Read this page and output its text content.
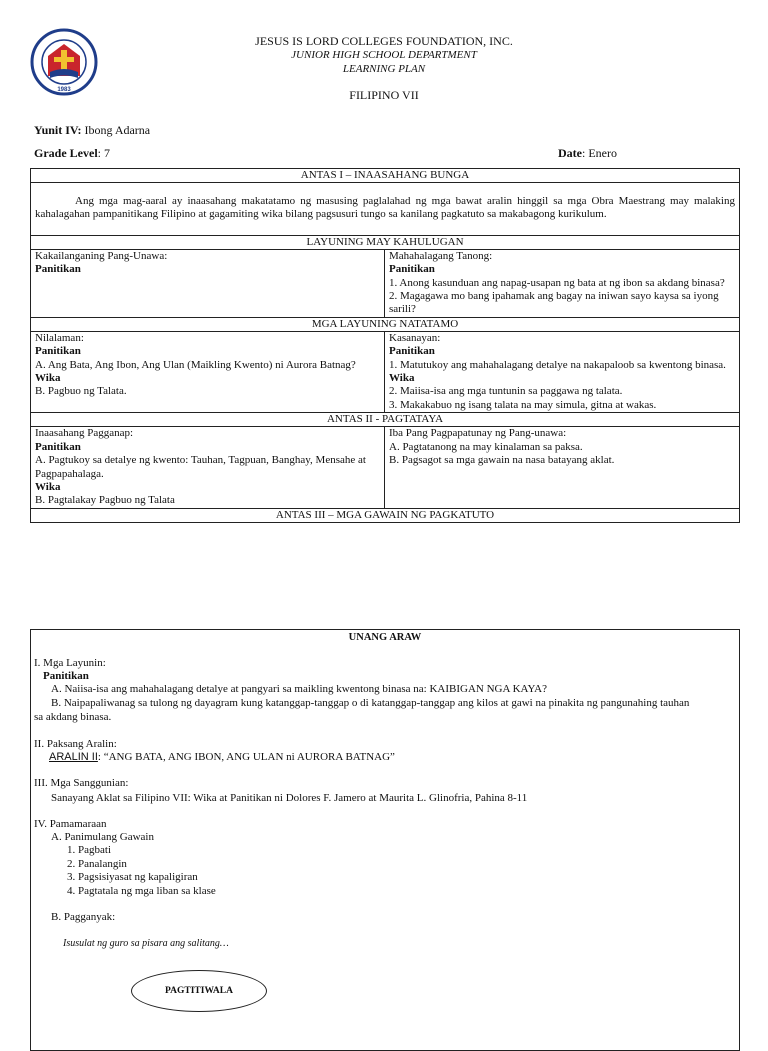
1983
JESUS IS LORD COLLEGES FOUNDATION, INC.
JUNIOR HIGH SCHOOL DEPARTMENT
LEARNING PLAN
FILIPINO VII
Yunit IV: Ibong Adarna
Grade Level: 7	Date: Enero
ANTAS I – INAASAHANG BUNGA
Ang mga mag-aaral ay inaasahang makatatamo ng masusing paglalahad ng mga bawat aralin hinggil sa mga Obra Maestrang may malaking kahalagahan pampanitikang Filipino at gagamiting wika bilang pagsusuri tungo sa kanilang pagkatuto sa makabagong kurikulum.
LAYUNING MAY KAHULUGAN
Kakailanganing Pang-Unawa:
Panitikan
Mahahalagang Tanong:
Panitikan
1. Anong kasunduan ang napag-usapan ng bata at ng ibon sa akdang binasa?
2. Magagawa mo bang ipahamak ang bagay na iniwan sayo kaysa sa iyong sarili?
MGA LAYUNING NATATAMO
Nilalaman:
Panitikan
A. Ang Bata, Ang Ibon, Ang Ulan (Maikling Kwento) ni Aurora Batnag?
Wika
B. Pagbuo ng Talata.
Kasanayan:
Panitikan
1. Matutukoy ang mahahalagang detalye na nakapaloob sa kwentong binasa.
Wika
2. Maiisa-isa ang mga tuntunin sa paggawa ng talata.
3. Makakabuo ng isang talata na may simula, gitna at wakas.
ANTAS II - PAGTATAYA
Inaasahang Pagganap:
Panitikan
A. Pagtukoy sa detalye ng kwento: Tauhan, Tagpuan, Banghay, Mensahe at Pagpapahalaga.
Wika
B. Pagtalakay Pagbuo ng Talata
Iba Pang Pagpapatunay ng Pang-unawa:
A. Pagtatanong na may kinalaman sa paksa.
B. Pagsagot sa mga gawain na nasa batayang aklat.
ANTAS III – MGA GAWAIN NG PAGKATUTO
UNANG ARAW
I. Mga Layunin:
Panitikan
A. Naiisa-isa ang mahahalagang detalye at pangyari sa maikling kwentong binasa na: KAIBIGAN NGA KAYA?
B. Naipapaliwanag sa tulong ng dayagram kung katanggap-tanggap o di katanggap-tanggap ang kilos at gawi na pinakita ng pangunahing tauhan
sa akdang binasa.
II. Paksang Aralin:
ARALIN II: “ANG BATA, ANG IBON, ANG ULAN ni AURORA BATNAG”
III. Mga Sanggunian:
Sanayang Aklat sa Filipino VII: Wika at Panitikan ni Dolores F. Jamero at Maurita L. Glinofria, Pahina 8-11
IV. Pamamaraan
A. Panimulang Gawain
1. Pagbati
2. Panalangin
3. Pagsisiyasat ng kapaligiran
4. Pagtatala ng mga liban sa klase
B. Pagganyak:
Isusulat ng guro sa pisara ang salitang…
PAGTITIWALA
